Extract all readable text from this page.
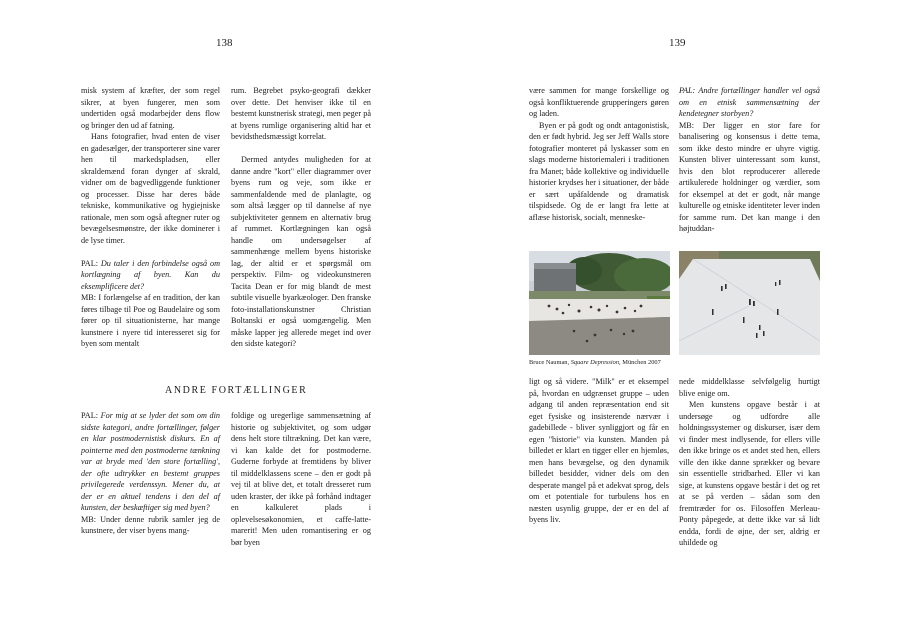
138

misk system af kræfter, der som regel sikrer, at byen fungerer, men som undertiden også modarbejder dens flow og bringer den ud af fatning.

Hans fotografier, hvad enten de viser en gadesælger, der transporterer sine varer hen til markedspladsen, eller skraldemænd foran dynger af skrald, vidner om de bagvedliggende funktioner og processer. Disse har deres både tekniske, kommunikative og hygiejniske rationale, men som også aftegner ruter og bevægelsesmønstre, der ikke dominerer i de lyse timer.

PAL: Du taler i den forbindelse også om kortlægning af byen. Kan du eksemplificere det?

MB: I forlængelse af en tradition, der kan føres tilbage til Poe og Baudelaire og som fører op til situationisterne, har mange kunstnere i nyere tid interesseret sig for byen som mentalt

rum. Begrebet psyko-geografi dækker over dette. Det henviser ikke til en bestemt kunstnerisk strategi, men peger på at byens rumlige organisering altid har et bevidsthedsmæssigt korrelat.

Dermed antydes muligheden for at danne andre "kort" eller diagrammer over byens rum og veje, som ikke er sammenfaldende med de planlagte, og som altså lægger op til dannelse af nye subjektiviteter gennem en alternativ brug af rummet. Kortlægningen kan også handle om undersøgelser af sammenhænge mellem byens historiske lag, der altid er et spørgsmål om perspektiv. Film- og videokunstneren Tacita Dean er for mig blandt de mest subtile visuelle byarkæologer. Den franske foto-installationskunstner Christian Boltanski er også uomgængelig. Men måske lapper jeg allerede meget ind over den sidste kategori?

ANDRE FORTÆLLINGER

PAL: For mig at se lyder det som om din sidste kategori, andre fortællinger, følger en klar postmodernistisk diskurs. En af pointerne med den postmoderne tænkning var at bryde med 'den store fortælling', der ofte udtrykker en bestemt gruppes privilegerede verdenssyn. Mener du, at der er en aktuel tendens i den del af kunsten, der beskæftiger sig med byen?

MB: Under denne rubrik samler jeg de kunstnere, der viser byens mang-

foldige og uregerlige sammensætning af historie og subjektivitet, og som udgør dens helt store tiltrækning. Det kan være, vi kan kalde det for postmoderne. Guderne forbyde at fremtidens by bliver til middelklassens scene – den er godt på vej til at blive det, et totalt dresseret rum uden kraster, der ikke på forhånd indtager en kalkuleret plads i oplevelsesøkonomien, et caffe-latte-marerit! Men uden romantisering er og bør byen

139

være sammen for mange forskellige og også konfliktuerende grupperingers gøren og laden.

Byen er på godt og ondt antagonistisk, den er født hybrid. Jeg ser Jeff Walls store fotografier monteret på lyskasser som en slags moderne historiemaleri i traditionen fra Manet; både kollektive og individuelle historier krydses her i situationer, der både er sært upåfaldende og dramatisk tilspidsede. Og de er langt fra lette at aflæse historisk, socialt, menneske-

PAL: Andre fortællinger handler vel også om en etnisk sammensætning der kendetegner storbyen?

MB: Der ligger en stor fare for banalisering og konsensus i dette tema, som ikke desto mindre er uhyre vigtig. Kunsten bliver uinteressant som kunst, hvis den blot reproducerer allerede artikulerede holdninger og værdier, som for eksempel at det er godt, når mange kulturelle og etniske identiteter lever inden for samme rum. Det kan mange i den højtuddan-

Bruce Nauman, Square Depression, München 2007

ligt og så videre. "Milk" er et eksempel på, hvordan en udgrænset gruppe – uden adgang til anden repræsentation end sit eget fysiske og insisterende nærvær i gadebillede - bliver synliggjort og får en egen "historie" via kunsten. Manden på billedet er klart en tigger eller en hjemløs, men hans bevægelse, og den dynamik billedet besidder, vidner dels om den desperate mangel på et adekvat sprog, dels om et potentiale for turbulens hos en næsten usynlig gruppe, der er en del af byens liv.

nede middelklasse selvfølgelig hurtigt blive enige om.

Men kunstens opgave består i at undersøge og udfordre alle holdningssystemer og diskurser, især dem vi finder mest indlysende, for ellers ville den ikke bringe os et andet sted hen, ellers ville den ikke danne sprækker og bevare sin essentielle stridbarhed. Eller vi kan sige, at kunstens opgave består i det og ret at se på verden – sådan som den fremtræder for os. Filosoffen Merleau-Ponty påpegede, at dette ikke var så lidt endda, fordi de øjne, der ser, aldrig er uhildede og
